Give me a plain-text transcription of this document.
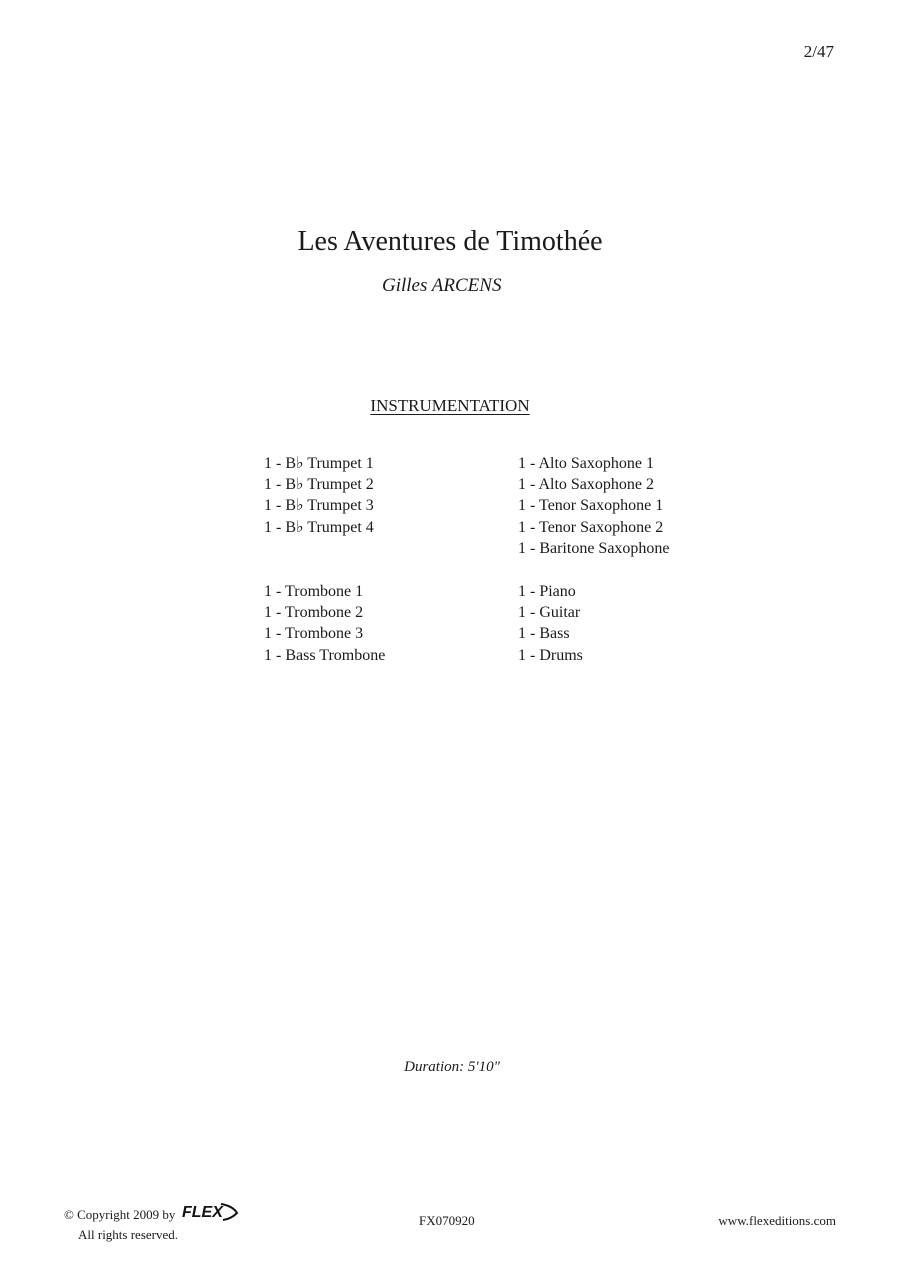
2/47
Les Aventures de Timothée
Gilles ARCENS
INSTRUMENTATION
1 - B♭ Trumpet 1
1 - B♭ Trumpet 2
1 - B♭ Trumpet 3
1 - B♭ Trumpet 4
1 - Alto Saxophone 1
1 - Alto Saxophone 2
1 - Tenor Saxophone 1
1 - Tenor Saxophone 2
1 - Baritone Saxophone
1 - Trombone 1
1 - Trombone 2
1 - Trombone 3
1 - Bass Trombone
1 - Piano
1 - Guitar
1 - Bass
1 - Drums
Duration: 5'10"
© Copyright 2009 by FLEX
All rights reserved.
FX070920	www.flexeditions.com
